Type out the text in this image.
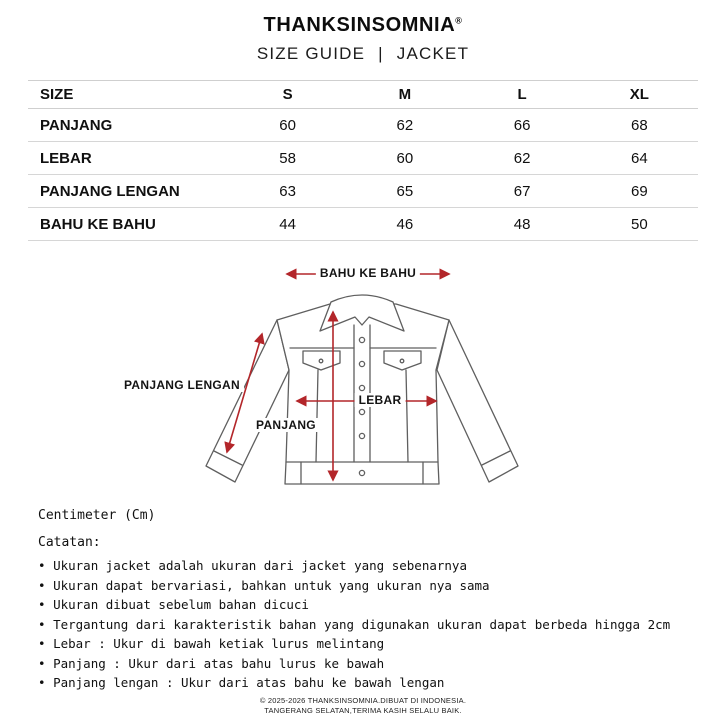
THANKSINSOMNIA®
SIZE GUIDE | JACKET
SIZE	S	M	L	XL
PANJANG	60	62	66	68
LEBAR	58	60	62	64
PANJANG LENGAN	63	65	67	69
BAHU KE BAHU	44	46	48	50
BAHU KE BAHU
PANJANG LENGAN
LEBAR
PANJANG
Centimeter (Cm)
Catatan:
• Ukuran jacket adalah ukuran dari jacket yang sebenarnya
• Ukuran dapat bervariasi, bahkan untuk yang ukuran nya sama
• Ukuran dibuat sebelum bahan dicuci
• Tergantung dari karakteristik bahan yang digunakan ukuran dapat berbeda hingga 2cm
• Lebar : Ukur di bawah ketiak lurus melintang
• Panjang : Ukur dari atas bahu lurus ke bawah
• Panjang lengan : Ukur dari atas bahu ke bawah lengan
© 2025-2026 THANKSINSOMNIA.DIBUAT DI INDONESIA.
TANGERANG SELATAN,TERIMA KASIH SELALU BAIK.
